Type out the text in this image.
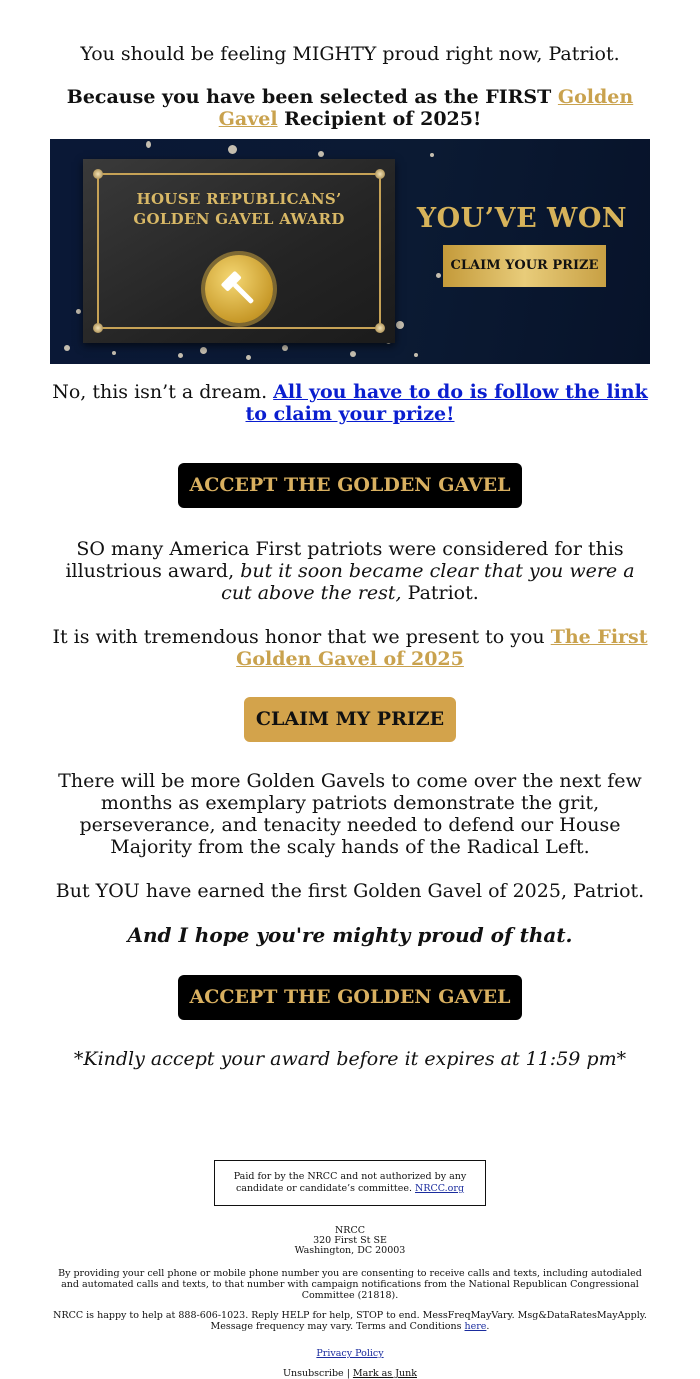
You should be feeling MIGHTY proud right now, Patriot.

Because you have been selected as the FIRST Golden Gavel Recipient of 2025!

HOUSE REPUBLICANS’
GOLDEN GAVEL AWARD	YOU’VE WON
CLAIM YOUR PRIZE

No, this isn’t a dream. All you have to do is follow the link to claim your prize!

ACCEPT THE GOLDEN GAVEL

SO many America First patriots were considered for this illustrious award, but it soon became clear that you were a cut above the rest, Patriot.

It is with tremendous honor that we present to you The First Golden Gavel of 2025

CLAIM MY PRIZE

There will be more Golden Gavels to come over the next few months as exemplary patriots demonstrate the grit, perseverance, and tenacity needed to defend our House Majority from the scaly hands of the Radical Left.

But YOU have earned the first Golden Gavel of 2025, Patriot.

And I hope you're mighty proud of that.

ACCEPT THE GOLDEN GAVEL

*Kindly accept your award before it expires at 11:59 pm*

Paid for by the NRCC and not authorized by any candidate or candidate’s committee. NRCC.org
NRCC
320 First St SE
Washington, DC 20003

By providing your cell phone or mobile phone number you are consenting to receive calls and texts, including autodialed and automated calls and texts, to that number with campaign notifications from the National Republican Congressional Committee (21818).

NRCC is happy to help at 888-606-1023. Reply HELP for help, STOP to end. MessFreqMayVary. Msg&DataRatesMayApply. Message frequency may vary. Terms and Conditions here.

Privacy Policy

Unsubscribe | Mark as Junk
